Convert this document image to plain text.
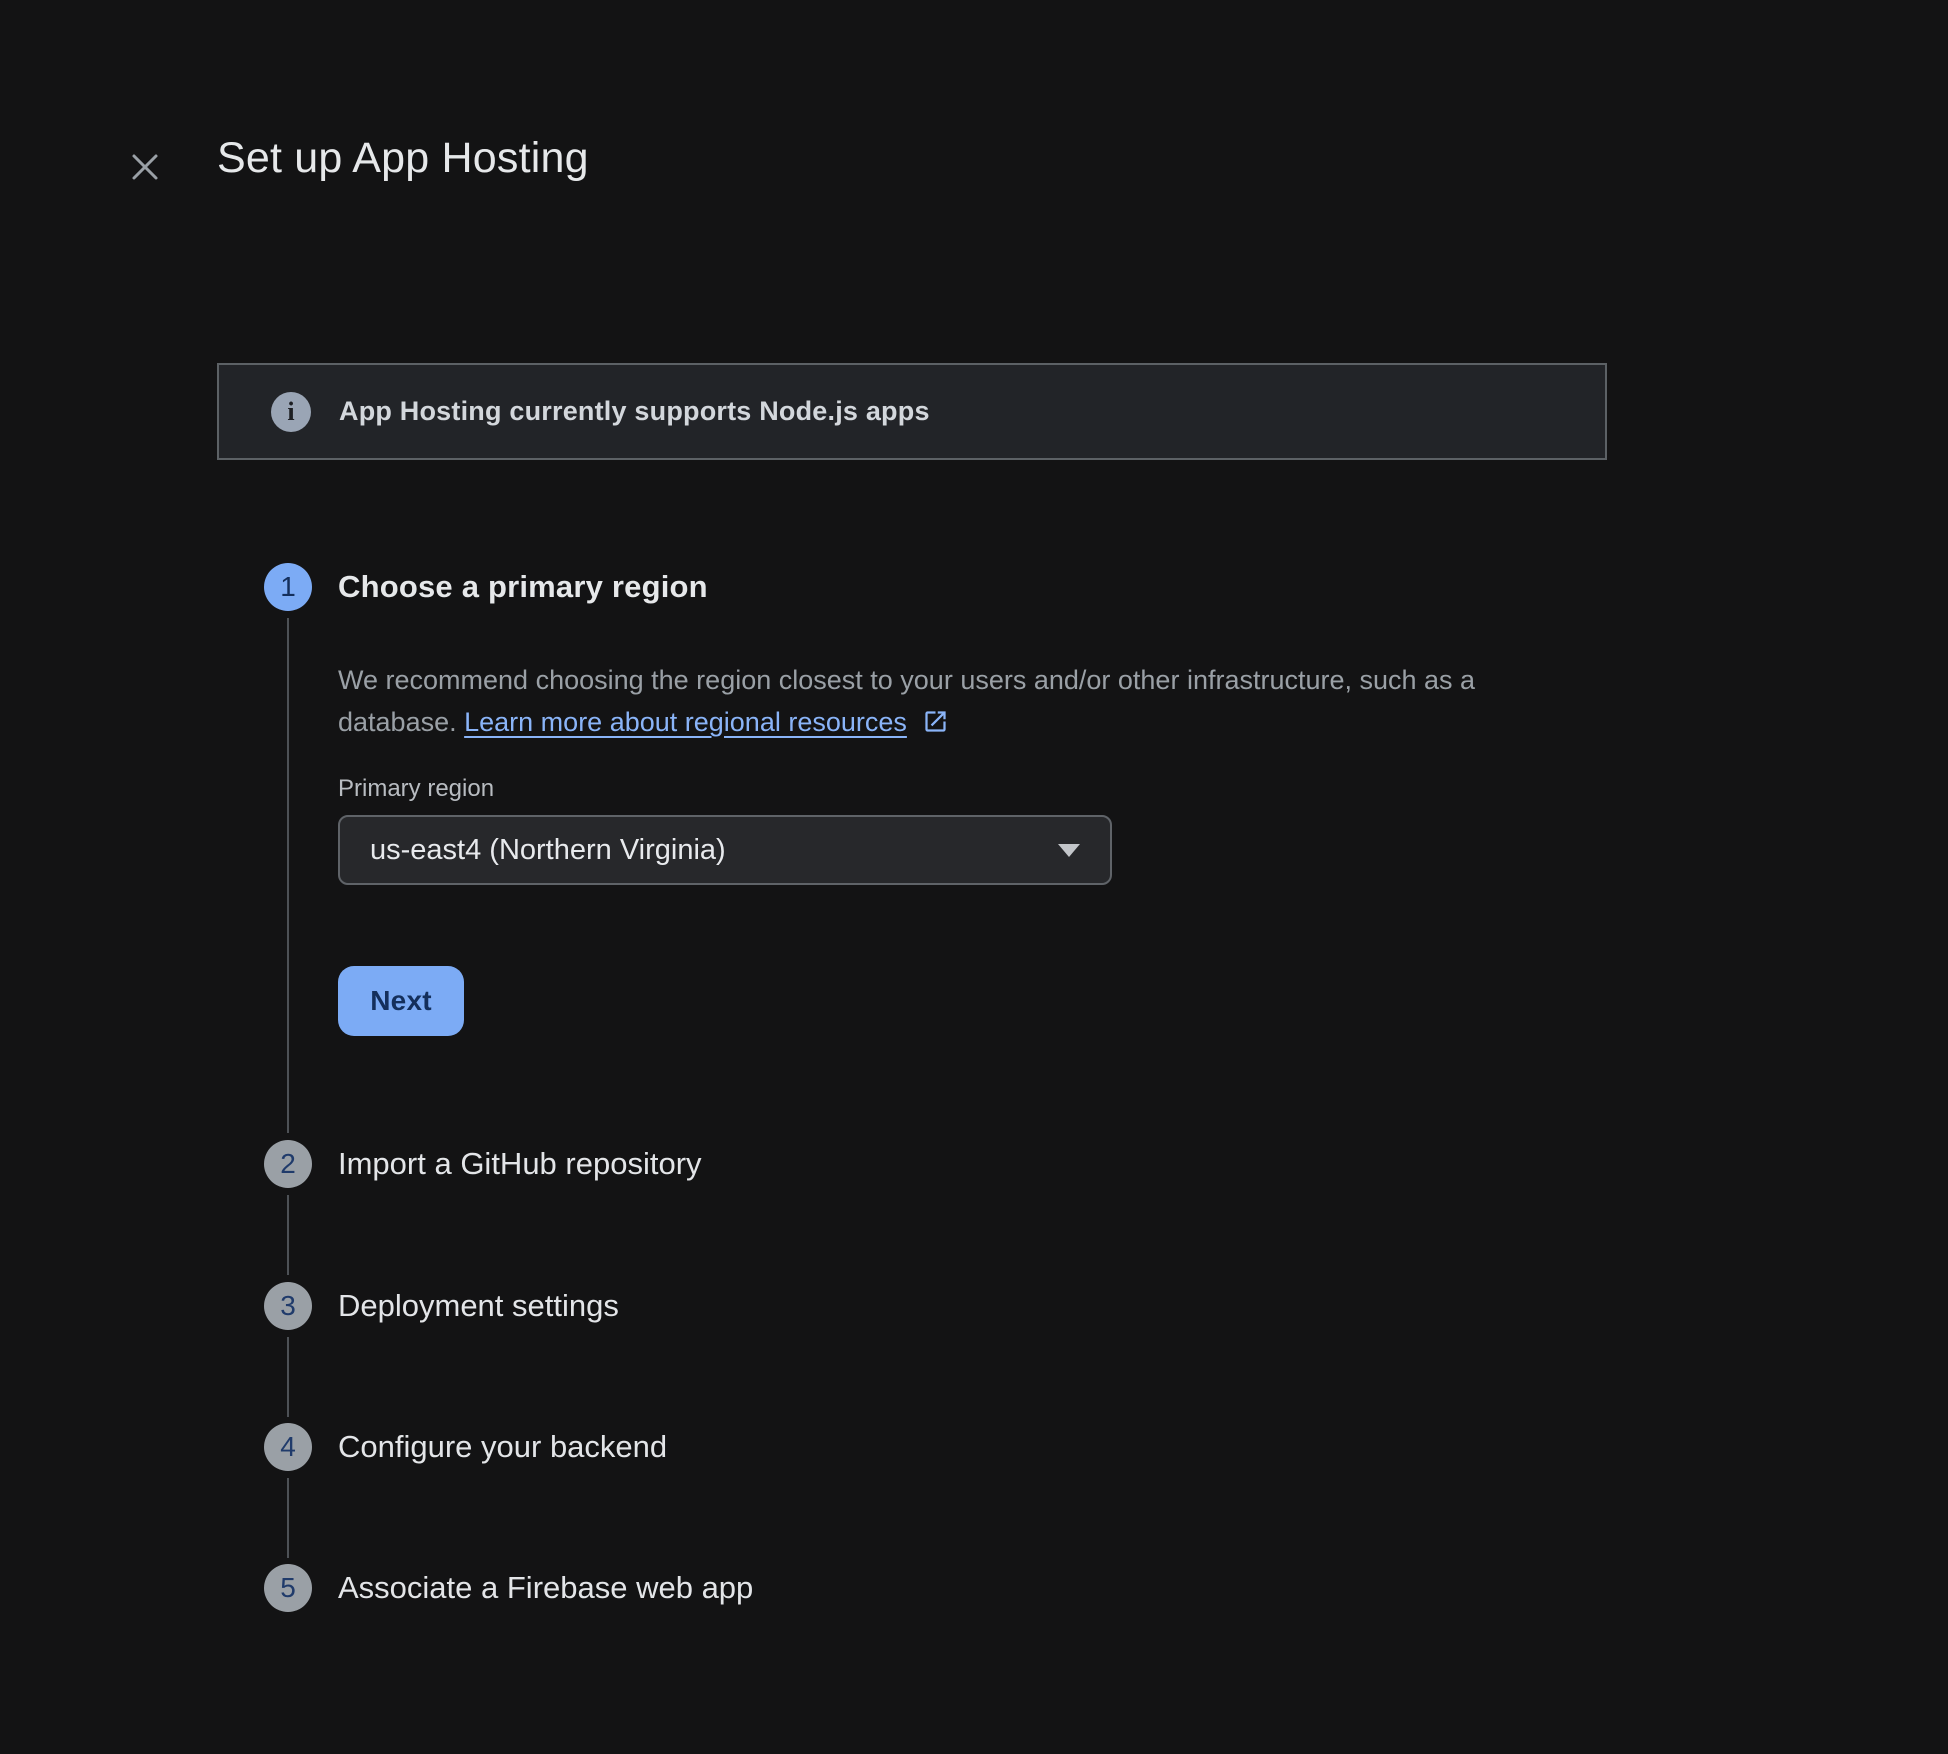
Set up App Hosting
i	App Hosting currently supports Node.js apps
1	Choose a primary region

We recommend choosing the region closest to your users and/or other infrastructure, such as a
database. Learn more about regional resources

Primary region
us-east4 (Northern Virginia)
Next
2	Import a GitHub repository
3	Deployment settings
4	Configure your backend
5	Associate a Firebase web app
